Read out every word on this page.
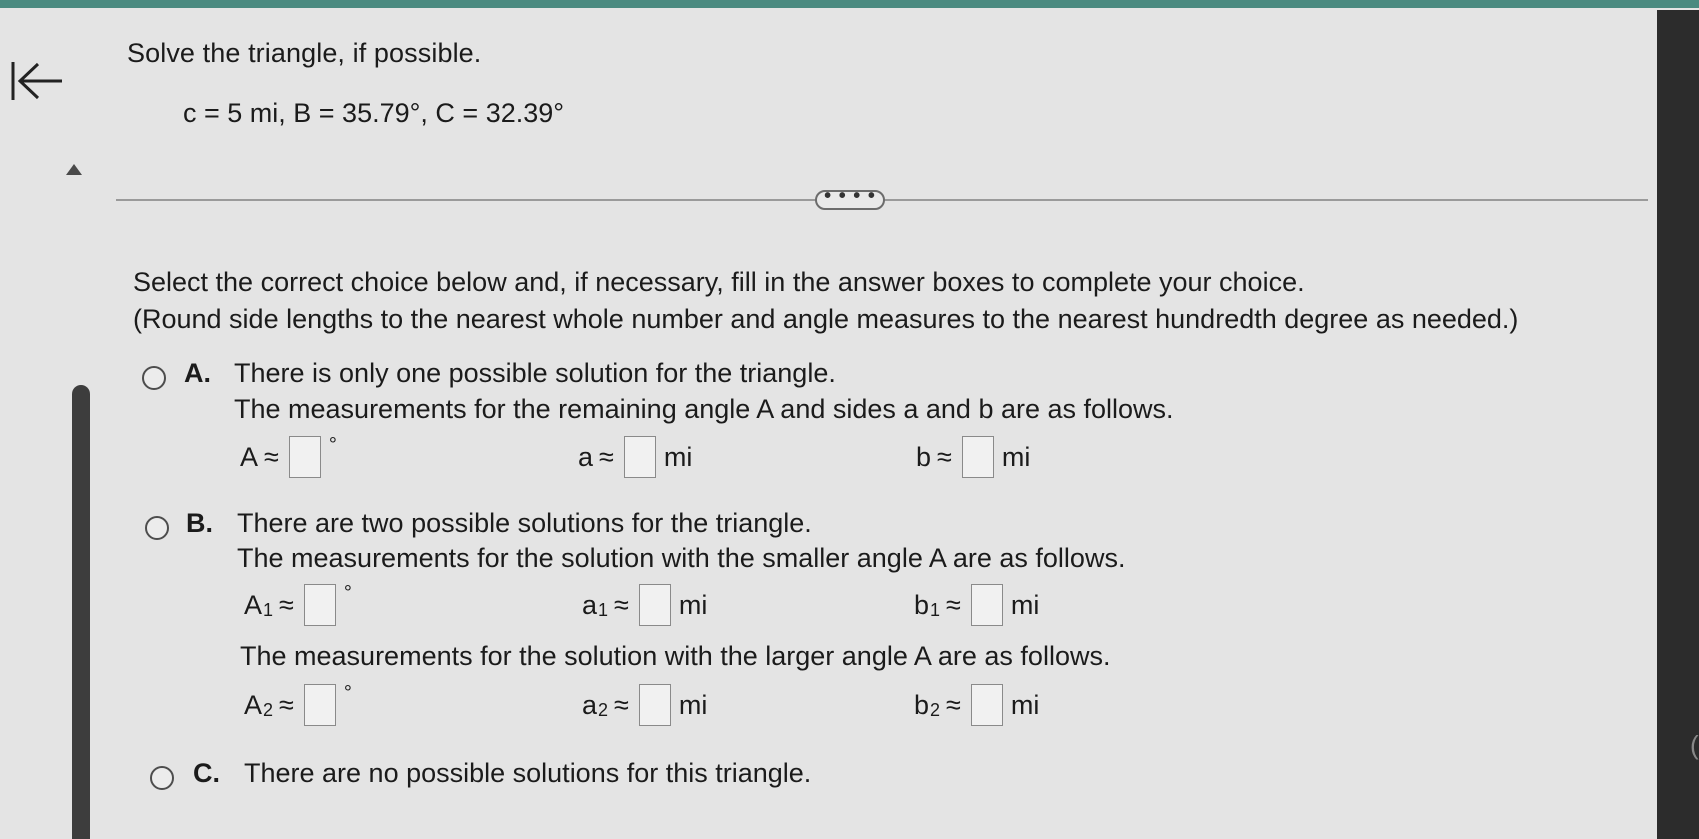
(
Solve the triangle, if possible.
c = 5 mi, B = 35.79°, C = 32.39°
• • • •
Select the correct choice below and, if necessary, fill in the answer boxes to complete your choice.
(Round side lengths to the nearest whole number and angle measures to the nearest hundredth degree as needed.)
A. There is only one possible solution for the triangle.
The measurements for the remaining angle A and sides a and b are as follows.
A ≈	°	a ≈ mi	b ≈ mi
B. There are two possible solutions for the triangle.
The measurements for the solution with the smaller angle A are as follows.
$A_1$ ≈	°	$a_1$ ≈ mi	$b_1$ ≈ mi
The measurements for the solution with the larger angle A are as follows.
$A_2$ ≈	°	$a_2$ ≈ mi	$b_2$ ≈ mi
C. There are no possible solutions for this triangle.
